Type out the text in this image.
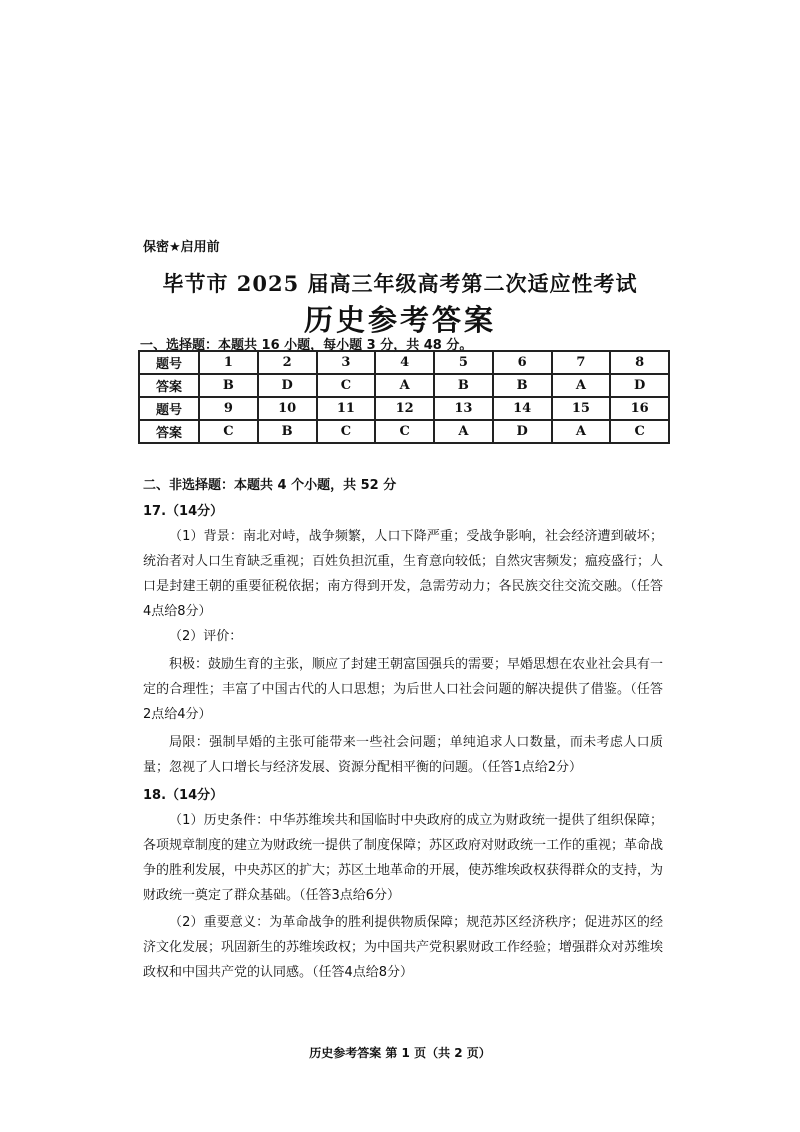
保密★启用前
毕节市 2025 届高三年级高考第二次适应性考试
历史参考答案
一、选择题：本题共 16 小题，每小题 3 分，共 48 分。
题号	1	2	3	4	5	6	7	8
答案	B	D	C	A	B	B	A	D
题号	9	10	11	12	13	14	15	16
答案	C	B	C	C	A	D	A	C
二、非选择题：本题共 4 个小题，共 52 分
17.（14分）
（1）背景：南北对峙，战争频繁，人口下降严重；受战争影响，社会经济遭到破坏；统治者对人口生育缺乏重视；百姓负担沉重，生育意向较低；自然灾害频发；瘟疫盛行；人口是封建王朝的重要征税依据；南方得到开发，急需劳动力；各民族交往交流交融。（任答4点给8分）
（2）评价：
积极：鼓励生育的主张，顺应了封建王朝富国强兵的需要；早婚思想在农业社会具有一定的合理性；丰富了中国古代的人口思想；为后世人口社会问题的解决提供了借鉴。（任答2点给4分）
局限：强制早婚的主张可能带来一些社会问题；单纯追求人口数量，而未考虑人口质量；忽视了人口增长与经济发展、资源分配相平衡的问题。（任答1点给2分）
18.（14分）
（1）历史条件：中华苏维埃共和国临时中央政府的成立为财政统一提供了组织保障；各项规章制度的建立为财政统一提供了制度保障；苏区政府对财政统一工作的重视；革命战争的胜利发展，中央苏区的扩大；苏区土地革命的开展，使苏维埃政权获得群众的支持，为财政统一奠定了群众基础。（任答3点给6分）
（2）重要意义：为革命战争的胜利提供物质保障；规范苏区经济秩序；促进苏区的经济文化发展；巩固新生的苏维埃政权；为中国共产党积累财政工作经验；增强群众对苏维埃政权和中国共产党的认同感。（任答4点给8分）
历史参考答案 第 1 页（共 2 页）
